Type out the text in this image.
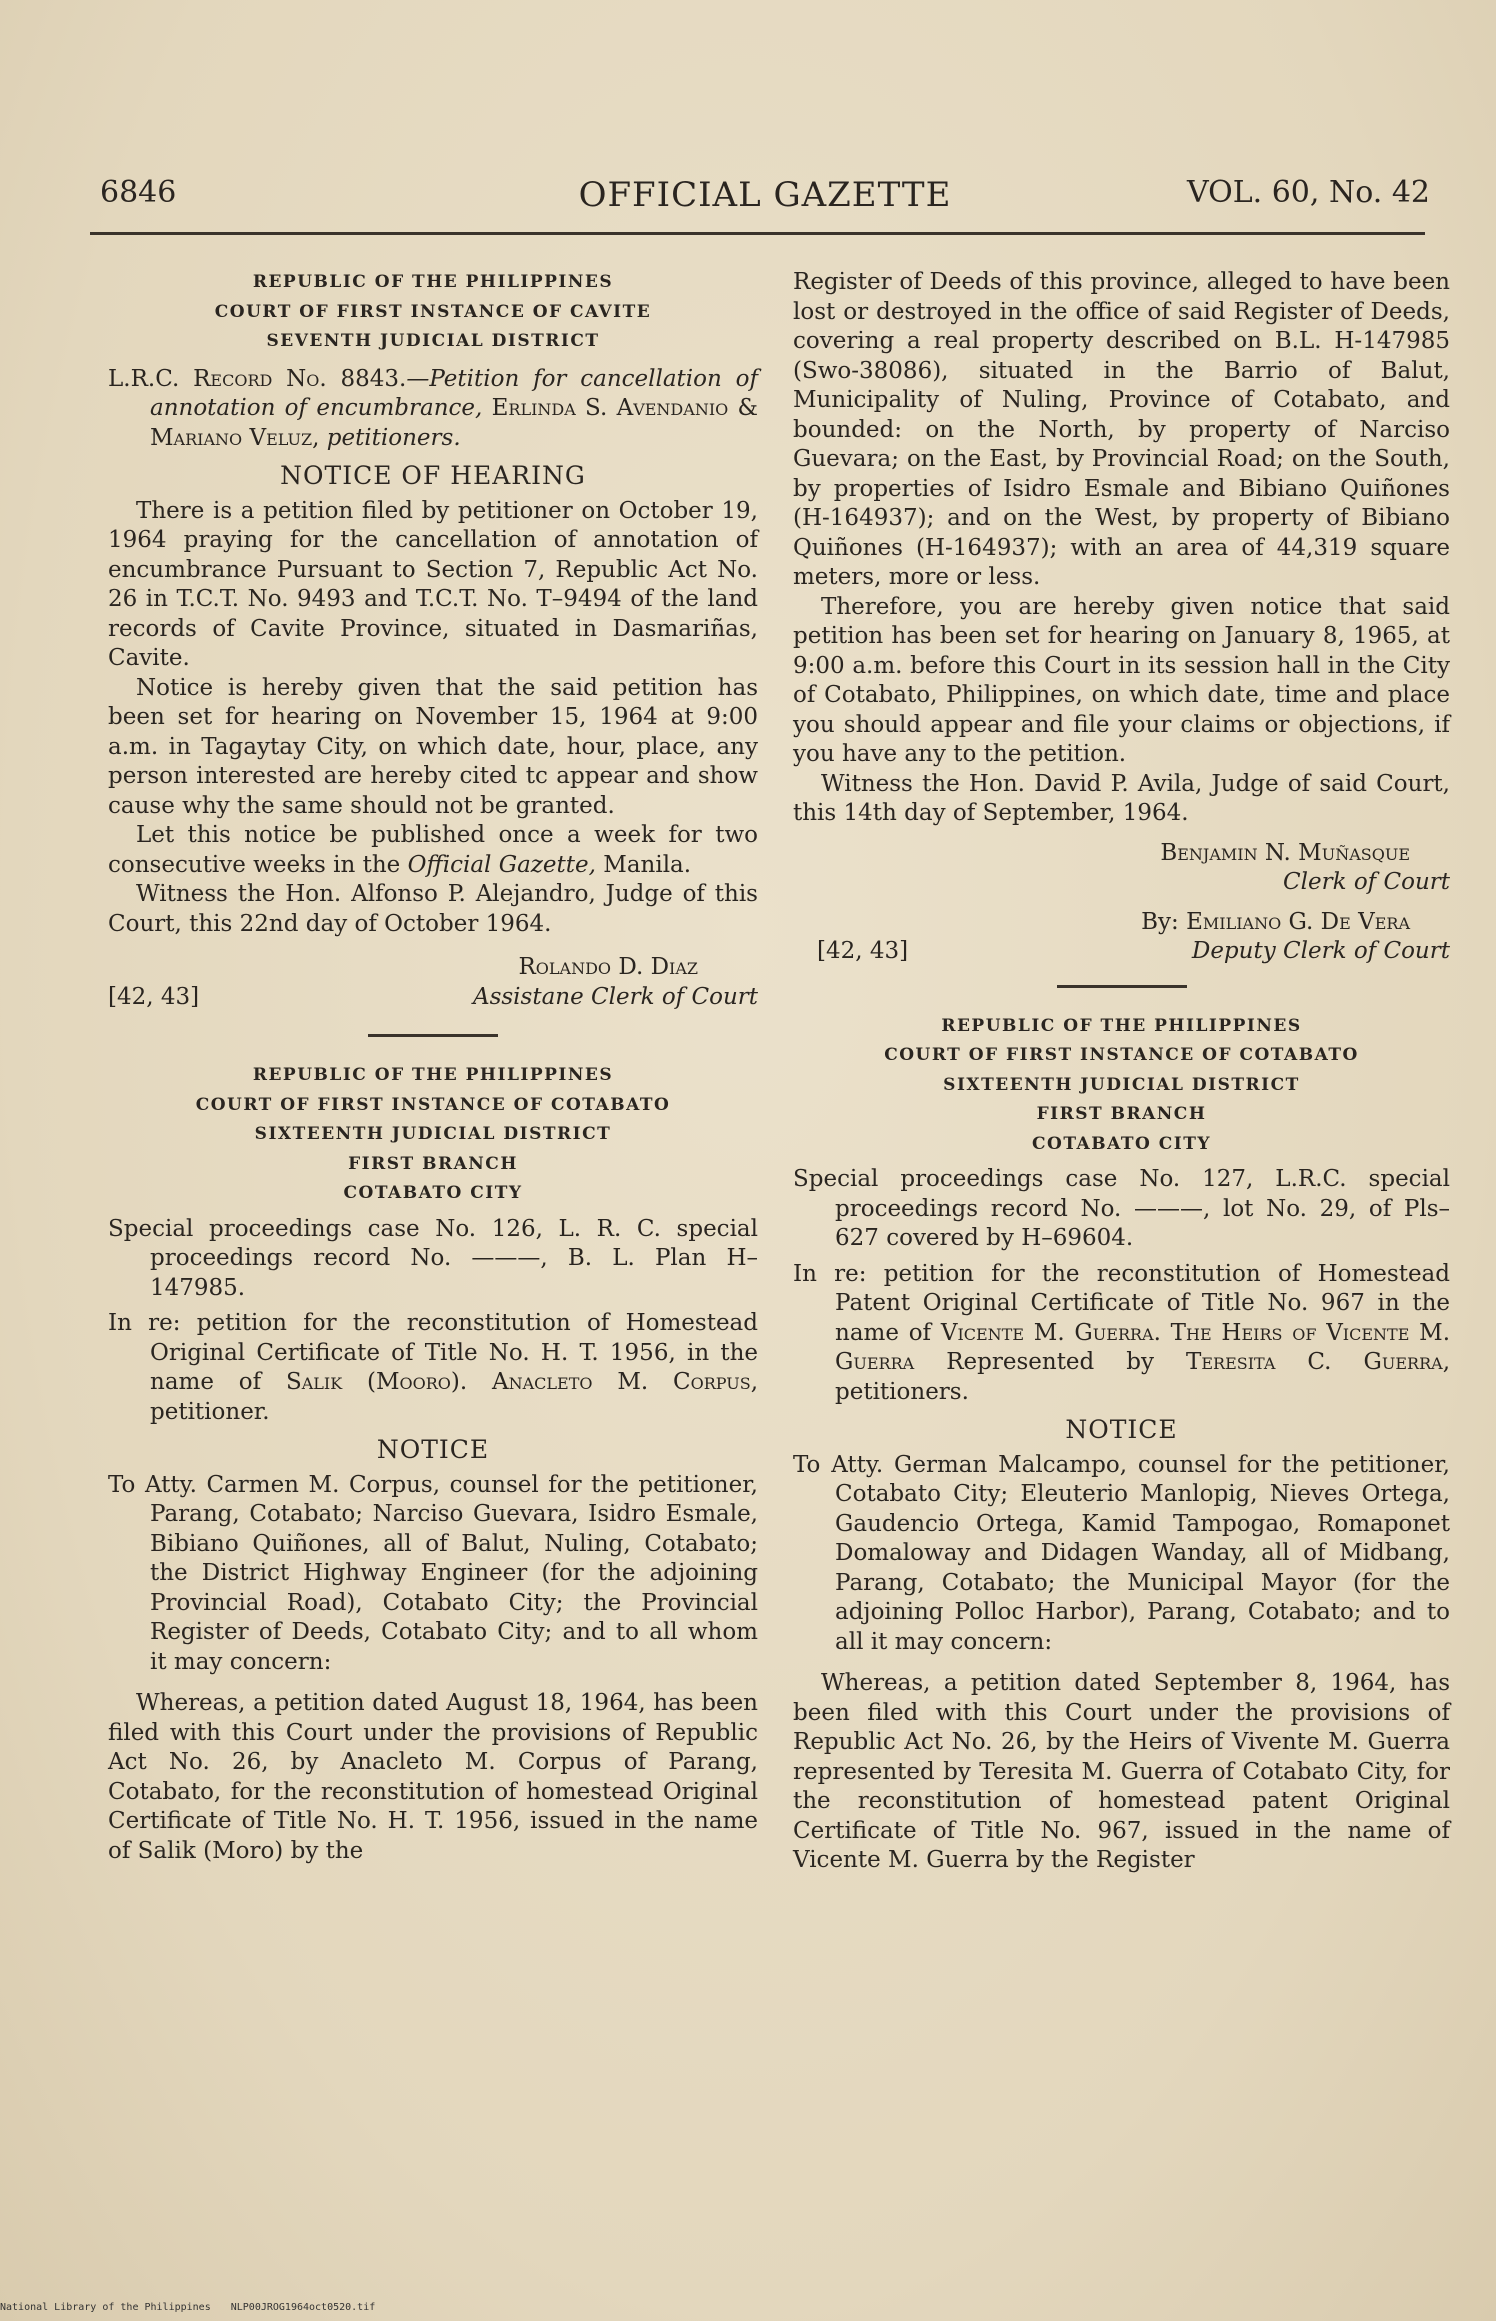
6846	OFFICIAL GAZETTE	VOL. 60, No. 42
REPUBLIC OF THE PHILIPPINES
COURT OF FIRST INSTANCE OF CAVITE
SEVENTH JUDICIAL DISTRICT

L.R.C. Record No. 8843.—Petition for cancellation of annotation of encumbrance, Erlinda S. Avendanio & Mariano Veluz, petitioners.

NOTICE OF HEARING

There is a petition filed by petitioner on October 19, 1964 praying for the cancellation of annotation of encumbrance Pursuant to Section 7, Republic Act No. 26 in T.C.T. No. 9493 and T.C.T. No. T–9494 of the land records of Cavite Province, situated in Dasmariñas, Cavite.

Notice is hereby given that the said petition has been set for hearing on November 15, 1964 at 9:00 a.m. in Tagaytay City, on which date, hour, place, any person interested are hereby cited tc appear and show cause why the same should not be granted.

Let this notice be published once a week for two consecutive weeks in the Official Gazette, Manila.

Witness the Hon. Alfonso P. Alejandro, Judge of this Court, this 22nd day of October 1964.

Rolando D. Diaz
[42, 43]	Assistane Clerk of Court
REPUBLIC OF THE PHILIPPINES
COURT OF FIRST INSTANCE OF COTABATO
SIXTEENTH JUDICIAL DISTRICT
FIRST BRANCH
COTABATO CITY

Special proceedings case No. 126, L. R. C. special proceedings record No. ———, B. L. Plan H–147985.

In re: petition for the reconstitution of Homestead Original Certificate of Title No. H. T. 1956, in the name of Salik (Mooro). Anacleto M. Corpus, petitioner.

NOTICE

To Atty. Carmen M. Corpus, counsel for the petitioner, Parang, Cotabato; Narciso Guevara, Isidro Esmale, Bibiano Quiñones, all of Balut, Nuling, Cotabato; the District Highway Engineer (for the adjoining Provincial Road), Cotabato City; the Provincial Register of Deeds, Cotabato City; and to all whom it may concern:

Whereas, a petition dated August 18, 1964, has been filed with this Court under the provisions of Republic Act No. 26, by Anacleto M. Corpus of Parang, Cotabato, for the reconstitution of homestead Original Certificate of Title No. H. T. 1956, issued in the name of Salik (Moro) by the

Register of Deeds of this province, alleged to have been lost or destroyed in the office of said Register of Deeds, covering a real property described on B.L. H-147985 (Swo-38086), situated in the Barrio of Balut, Municipality of Nuling, Province of Cotabato, and bounded: on the North, by property of Narciso Guevara; on the East, by Provincial Road; on the South, by properties of Isidro Esmale and Bibiano Quiñones (H-164937); and on the West, by property of Bibiano Quiñones (H-164937); with an area of 44,319 square meters, more or less.

Therefore, you are hereby given notice that said petition has been set for hearing on January 8, 1965, at 9:00 a.m. before this Court in its session hall in the City of Cotabato, Philippines, on which date, time and place you should appear and file your claims or objections, if you have any to the petition.

Witness the Hon. David P. Avila, Judge of said Court, this 14th day of September, 1964.

Benjamin N. Muñasque
Clerk of Court
By: Emiliano G. De Vera
[42, 43]	Deputy Clerk of Court
REPUBLIC OF THE PHILIPPINES
COURT OF FIRST INSTANCE OF COTABATO
SIXTEENTH JUDICIAL DISTRICT
FIRST BRANCH
COTABATO CITY

Special proceedings case No. 127, L.R.C. special proceedings record No. ———, lot No. 29, of Pls–627 covered by H–69604.

In re: petition for the reconstitution of Homestead Patent Original Certificate of Title No. 967 in the name of Vicente M. Guerra. The Heirs of Vicente M. Guerra Represented by Teresita C. Guerra, petitioners.

NOTICE

To Atty. German Malcampo, counsel for the petitioner, Cotabato City; Eleuterio Manlopig, Nieves Ortega, Gaudencio Ortega, Kamid Tampogao, Romaponet Domaloway and Didagen Wanday, all of Midbang, Parang, Cotabato; the Municipal Mayor (for the adjoining Polloc Harbor), Parang, Cotabato; and to all it may concern:

Whereas, a petition dated September 8, 1964, has been filed with this Court under the provisions of Republic Act No. 26, by the Heirs of Vivente M. Guerra represented by Teresita M. Guerra of Cotabato City, for the reconstitution of homestead patent Original Certificate of Title No. 967, issued in the name of Vicente M. Guerra by the Register

National Library of the Philippines NLP00JROG1964oct0520.tif
